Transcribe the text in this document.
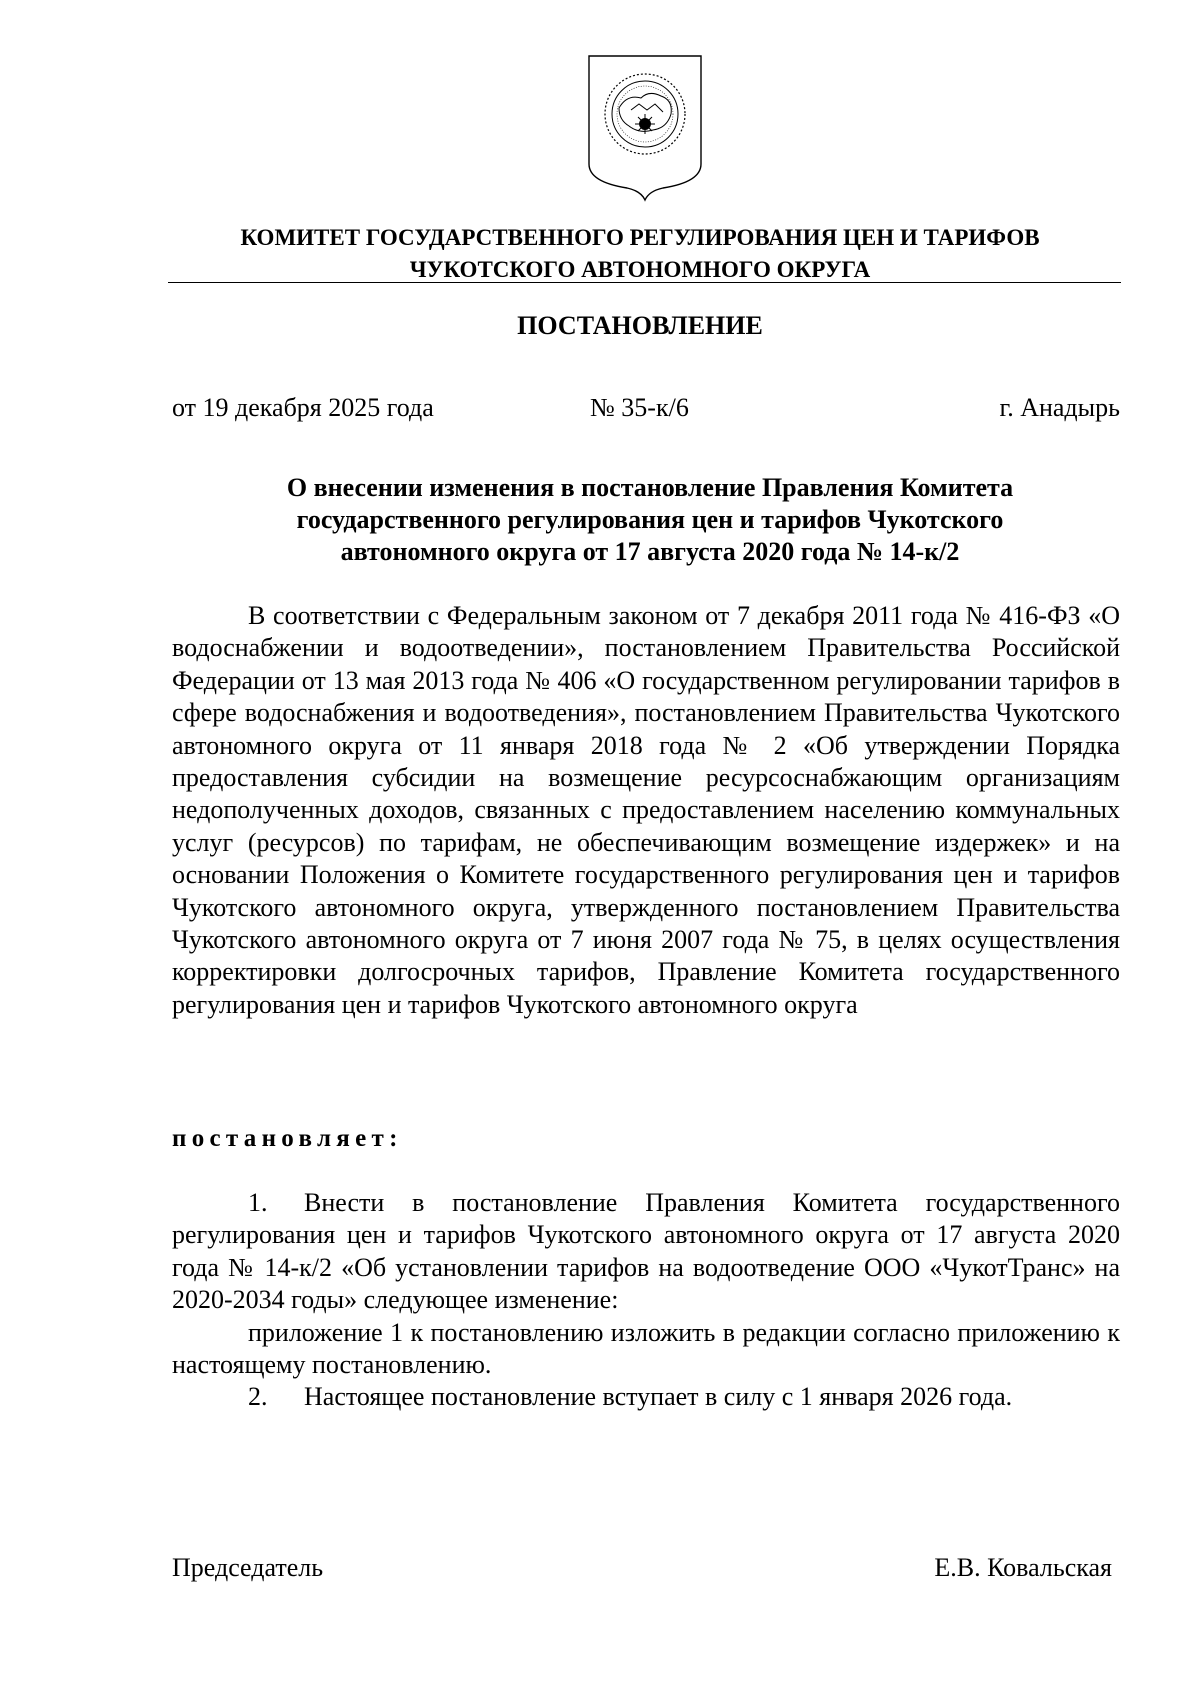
КОМИТЕТ ГОСУДАРСТВЕННОГО РЕГУЛИРОВАНИЯ ЦЕН И ТАРИФОВ
ЧУКОТСКОГО АВТОНОМНОГО ОКРУГА
ПОСТАНОВЛЕНИЕ
от 19 декабря 2025 года	№ 35-к/6	г. Анадырь
О внесении изменения в постановление Правления Комитета
государственного регулирования цен и тарифов Чукотского
автономного округа от 17 августа 2020 года № 14-к/2
В соответствии с Федеральным законом от 7 декабря 2011 года № 416-ФЗ «О водоснабжении и водоотведении», постановлением Правительства Российской Федерации от 13 мая 2013 года № 406 «О государственном регулировании тарифов в сфере водоснабжения и водоотведения», постановлением Правительства Чукотского автономного округа от 11 января 2018 года № 2 «Об утверждении Порядка предоставления субсидии на возмещение ресурсоснабжающим организациям недополученных доходов, связанных с предоставлением населению коммунальных услуг (ресурсов) по тарифам, не обеспечивающим возмещение издержек» и на основании Положения о Комитете государственного регулирования цен и тарифов Чукотского автономного округа, утвержденного постановлением Правительства Чукотского автономного округа от 7 июня 2007 года № 75, в целях осуществления корректировки долгосрочных тарифов, Правление Комитета государственного регулирования цен и тарифов Чукотского автономного округа
постановляет:

1. Внести в постановление Правления Комитета государственного регулирования цен и тарифов Чукотского автономного округа от 17 августа 2020 года № 14-к/2 «Об установлении тарифов на водоотведение ООО «ЧукотТранс» на 2020-2034 годы» следующее изменение:

приложение 1 к постановлению изложить в редакции согласно приложению к настоящему постановлению.

2. Настоящее постановление вступает в силу с 1 января 2026 года.

Председатель	Е.В. Ковальская
